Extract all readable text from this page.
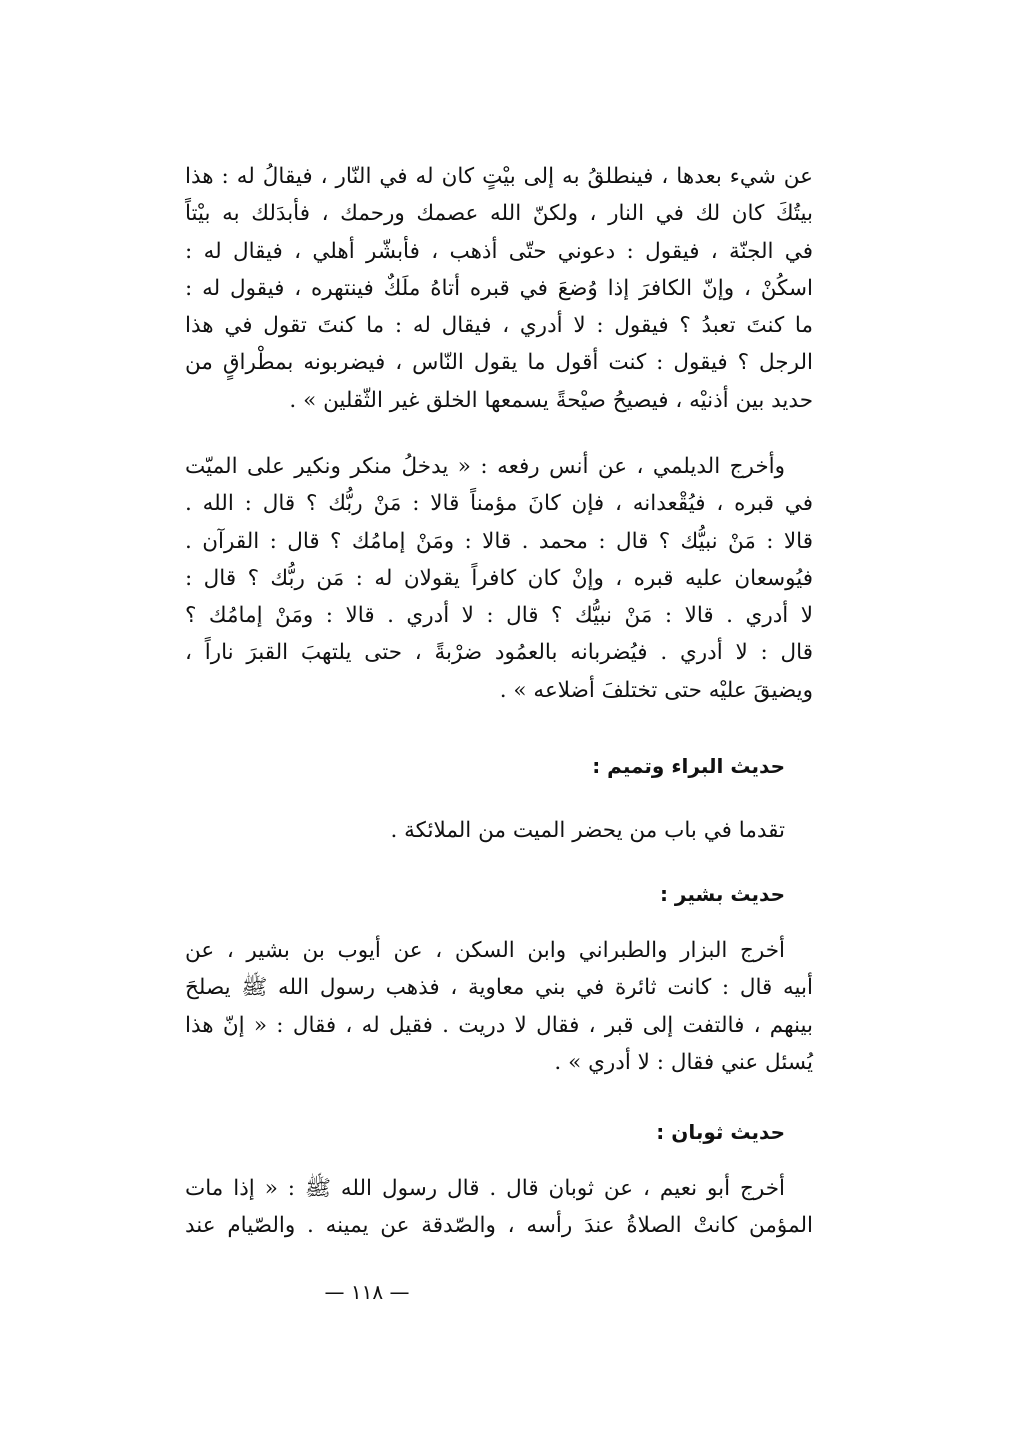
عن شيء بعدها ، فينطلقُ به إلى بيْتٍ كان له في النّار ، فيقالُ له : هذا
بيتُكَ كان لك في النار ، ولكنّ الله عصمك ورحمك ، فأبدَلك به بيْتاً
في الجنّة ، فيقول : دعوني حتّى أذهب ، فأبشّر أهلي ، فيقال له :
اسكُنْ ، وإنّ الكافرَ إذا وُضعَ في قبره أتاهُ ملَكٌ فينتهره ، فيقول له :
ما كنتَ تعبدُ ؟ فيقول : لا أدري ، فيقال له : ما كنتَ تقول في هذا
الرجل ؟ فيقول : كنت أقول ما يقول النّاس ، فيضربونه بمطْراقٍ من
حديد بين أذنيْه ، فيصيحُ صيْحةً يسمعها الخلق غير الثّقلين » .
وأخرج الديلمي ، عن أنس رفعه : « يدخلُ منكر ونكير على الميّت
في قبره ، فيُقْعدانه ، فإن كانَ مؤمناً قالا : مَنْ ربُّك ؟ قال : الله .
قالا : مَنْ نبيُّك ؟ قال : محمد . قالا : ومَنْ إمامُك ؟ قال : القرآن .
فيُوسعان عليه قبره ، وإنْ كان كافراً يقولان له : مَن ربُّك ؟ قال :
لا أدري . قالا : مَنْ نبيُّك ؟ قال : لا أدري . قالا : ومَنْ إمامُك ؟
قال : لا أدري . فيُضربانه بالعمُود ضرْبةً ، حتى يلتهبَ القبرَ ناراً ،
ويضيقَ عليْه حتى تختلفَ أضلاعه » .
حديث البراء وتميم :
تقدما في باب من يحضر الميت من الملائكة .
حديث بشير :
أخرج البزار والطبراني وابن السكن ، عن أيوب بن بشير ، عن
أبيه قال : كانت ثائرة في بني معاوية ، فذهب رسول الله ﷺ يصلحَ
بينهم ، فالتفت إلى قبر ، فقال لا دريت . فقيل له ، فقال : « إنّ هذا
يُسئل عني فقال : لا أدري » .
حديث ثوبان :
أخرج أبو نعيم ، عن ثوبان قال . قال رسول الله ﷺ : « إذا مات
المؤمن كانتْ الصلاةُ عندَ رأسه ، والصّدقة عن يمينه . والصّيام عند
— ١١٨ —
